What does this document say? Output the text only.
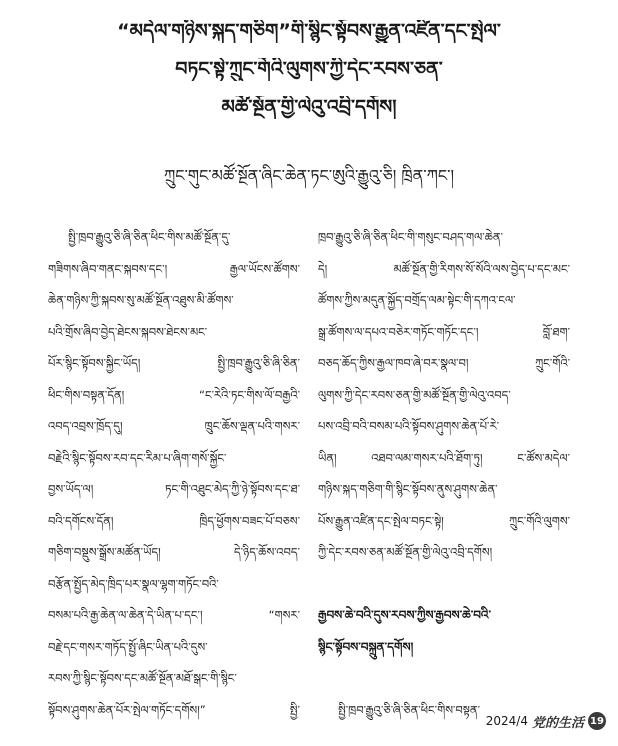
“མདེལ་གཉིས་སྐད་གཅིག”གི་སྙིང་སྟོབས་རྒྱུན་འཛིན་དང་སྤེལ་
བཏང་སྟེ་ཀྲུང་གོའི་ལུགས་ཀྱི་དེང་རབས་ཅན་
མཚོ་སྔོན་གྱི་ལེའུ་འབྲི་དགོས།
ཀྲུང་གུང་མཚོ་སྔོན་ཞིང་ཆེན་ཏང་ཨུའི་རྒྱུའུ་ཅི། ཁྲིན་ཀང་།
སྤྱི་ཁྲབ་རྒྱུའུ་ཅི་ཞི་ཅིན་ཕིང་གིས་མཚོ་སྔོན་དུ་
གཟིགས་ཞིབ་གནང་སྐབས་དང་། རྒྱལ་ཡོངས་ཚོགས་
ཆེན་གཉིས་ཀྱི་སྐབས་སུ་མཚོ་སྔོན་འཐུས་མི་ཚོགས་
པའི་གྲོས་ཞིབ་བྱེད་ཐེངས་སྐབས་ཐེངས་མང་
པོར་སྙིང་སྟོབས་སྐྱིང་ཡོད། སྤྱི་ཁྲབ་རྒྱུའུ་ཅི་ཞི་ཅིན་
ཕིང་གིས་བསྟན་དོན། “ང་རེའི་ཏང་གིས་ལོ་བརྒྱའི་
འབད་འབྲས་ཁྲོད་དུ། ཁྲུང་ཆོས་ལྡན་པའི་གསར་
བརྗེའི་སྙིང་སྟོབས་རབ་དང་རིམ་པ་ཞིག་གསོ་སྐྱོང་
བྱས་ཡོད་ལ། ཏང་གི་འཐུང་མེད་ཀྱི་ཉེ་སྟོབས་དང་ཐ་
བའི་དགོངས་དོན། ཁྲིད་ཕྱོགས་བཟང་པོ་བཅས་
གཅིག་བསྡུས་སྒྲོས་མཚོན་ཡོད། དེ་ཉིད་ཆོས་འབད་
བརྩོན་སྤྱོད་མེད་ཁྲིད་པར་སྣལ་ལྷག་གཏོང་བའི་
བསམ་པའི་རྒྱ་ཆེན་ལ་ཆེན་དེ་ཡིན་པ་དང་། “གསར་
བརྗེ་དང་གསར་གཏོད་སྤྱོ་ཞིང་ཡིན་པའི་དུས་
རབས་ཀྱི་སྙིང་སྟོབས་དང་མཚོ་སྔོན་མཐོ་སྒང་གི་སྙིང་
སྟོབས་ཤུགས་ཆེན་པོར་སྤེལ་གཏོང་དགོས།” སྤྱི་
ཁྲབ་རྒྱུའུ་ཅི་ཞི་ཅིན་ཕིང་གི་གསུང་བཤད་གལ་ཆེན་
དེ། མཚོ་སྔོན་གྱི་རིགས་སོ་སོའི་ལས་བྱེད་པ་དང་མང་
ཚོགས་ཀྱིས་མདུན་སྐྱོད་བགྲོད་ལམ་སྟེང་གི་དཀའ་ངལ་
སྒྲ་ཚོགས་ལ་དཔའ་བཅེར་གཏོང་གཏོང་དང་། བློ་ཐག་
བཅད་ཆོད་ཀྱིས་རྒྱལ་ཁབ་ཞེ་བར་སྣལ་བ། ཀྲུང་གོའི་
ལུགས་ཀྱི་དེང་རབས་ཅན་གྱི་མཚོ་སྔོན་གྱི་ལེའུ་འབད་
པས་འབྲི་བའི་བསམ་པའི་སྟོབས་ཤུགས་ཆེན་པོ་རེ་
ཡིན། འཐབ་ལམ་གསར་པའི་ཐོག་ཏུ། ང་ཚོས་མདེལ་
གཉིས་སྐད་གཅིག་གི་སྙིང་སྟོབས་ནུས་ཤུགས་ཆེན་
པོས་རྒྱུན་འཛིན་དང་སྤེལ་བཏང་སྟེ། ཀྲུང་གོའི་ལུགས་
ཀྱི་དེང་རབས་ཅན་མཚོ་སྔོན་གྱི་ལེའུ་འབྲི་དགོས།
རྒྱབས་ཆེ་བའི་དུས་རབས་ཀྱིས་རྒྱབས་ཆེ་བའི་
སྙིང་སྟོབས་བསྐྲུན་དགོས།
སྤྱི་ཁྲབ་རྒྱུའུ་ཅི་ཞི་ཅིན་ཕིང་གིས་བསྟན་
2024/4 党的生活 19
